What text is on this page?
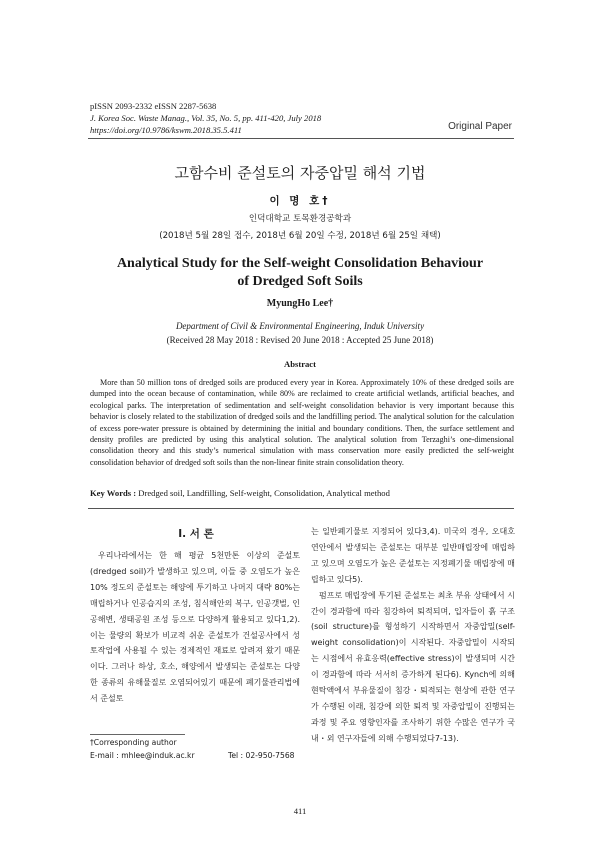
pISSN 2093-2332 eISSN 2287-5638
J. Korea Soc. Waste Manag., Vol. 35, No. 5, pp. 411-420, July 2018
https://doi.org/10.9786/kswm.2018.35.5.411	Original Paper
고함수비 준설토의 자중압밀 해석 기법
이 명 호†
인덕대학교 토목환경공학과
(2018년 5월 28일 접수, 2018년 6월 20일 수정, 2018년 6월 25일 채택)
Analytical Study for the Self-weight Consolidation Behaviour
of Dredged Soft Soils
MyungHo Lee†
Department of Civil & Environmental Engineering, Induk University
(Received 28 May 2018 : Revised 20 June 2018 : Accepted 25 June 2018)
Abstract
More than 50 million tons of dredged soils are produced every year in Korea. Approximately 10% of these dredged soils are dumped into the ocean because of contamination, while 80% are reclaimed to create artificial wetlands, artificial beaches, and ecological parks. The interpretation of sedimentation and self-weight consolidation behavior is very important because this behavior is closely related to the stabilization of dredged soils and the landfilling period. The analytical solution for the calculation of excess pore-water pressure is obtained by determining the initial and boundary conditions. Then, the surface settlement and density profiles are predicted by using this analytical solution. The analytical solution from Terzaghi’s one-dimensional consolidation theory and this study’s numerical simulation with mass conservation more easily predicted the self-weight consolidation behavior of dredged soft soils than the non-linear finite strain consolidation theory.
Key Words : Dredged soil, Landfilling, Self-weight, Consolidation, Analytical method
I. 서 론
우리나라에서는 한 해 평균 5천만톤 이상의 준설토(dredged soil)가 발생하고 있으며, 이들 중 오염도가 높은 10% 정도의 준설토는 해양에 투기하고 나머지 대략 80%는 매립하거나 인공습지의 조성, 침식해안의 복구, 인공갯벌, 인공해변, 생태공원 조성 등으로 다양하게 활용되고 있다1,2). 이는 물량의 확보가 비교적 쉬운 준설토가 건설공사에서 성토작업에 사용될 수 있는 경제적인 재료로 알려져 왔기 때문이다. 그러나 하상, 호소, 해양에서 발생되는 준설토는 다양한 종류의 유해물질로 오염되어있기 때문에 폐기물관리법에서 준설토

는 일반폐기물로 지정되어 있다3,4). 미국의 경우, 오대호 연안에서 발생되는 준설토는 대부분 일반매립장에 매립하고 있으며 오염도가 높은 준설토는 지정폐기물 매립장에 매립하고 있다5).

펌프로 매립장에 투기된 준설토는 최초 부유 상태에서 시간이 경과함에 따라 침강하여 퇴적되며, 입자들이 흙 구조(soil structure)를 형성하기 시작하면서 자중압밀(self-weight consolidation)이 시작된다. 자중압밀이 시작되는 시점에서 유효응력(effective stress)이 발생되며 시간이 경과함에 따라 서서히 증가하게 된다6). Kynch에 의해 현탁액에서 부유물질이 침강・퇴적되는 현상에 관한 연구가 수행된 이래, 침강에 의한 퇴적 및 자중압밀이 진행되는 과정 및 주요 영향인자를 조사하기 위한 수많은 연구가 국내・외 연구자들에 의해 수행되었다7-13).

†Corresponding author
E-mail : mhlee@induk.ac.kr	Tel : 02-950-7568
411
